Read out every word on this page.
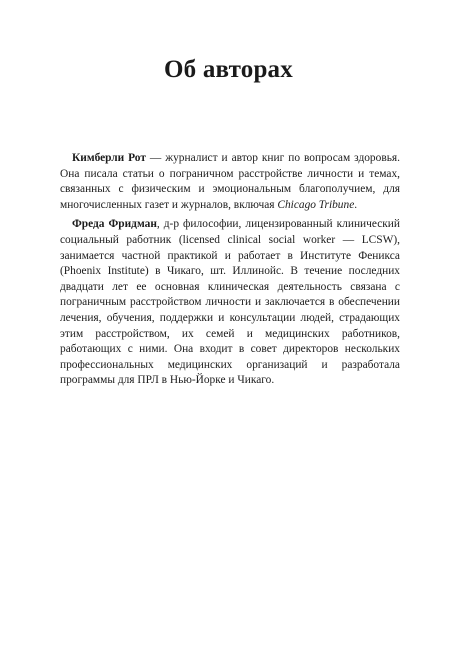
Об авторах

Кимберли Рот — журналист и автор книг по вопросам здоровья. Она писала статьи о пограничном расстройстве личности и темах, связанных с физическим и эмоциональным благополучием, для многочисленных газет и журналов, включая Chicago Tribune.

Фреда Фридман, д-р философии, лицензированный клинический социальный работник (licensed clinical social worker — LCSW), занимается частной практикой и работает в Институте Феникса (Phoenix Institute) в Чикаго, шт. Иллинойс. В течение последних двадцати лет ее основная клиническая деятельность связана с пограничным расстройством личности и заключается в обеспечении лечения, обучения, поддержки и консультации людей, страдающих этим расстройством, их семей и медицинских работников, работающих с ними. Она входит в совет директоров нескольких профессиональных медицинских организаций и разработала программы для ПРЛ в Нью-Йорке и Чикаго.
